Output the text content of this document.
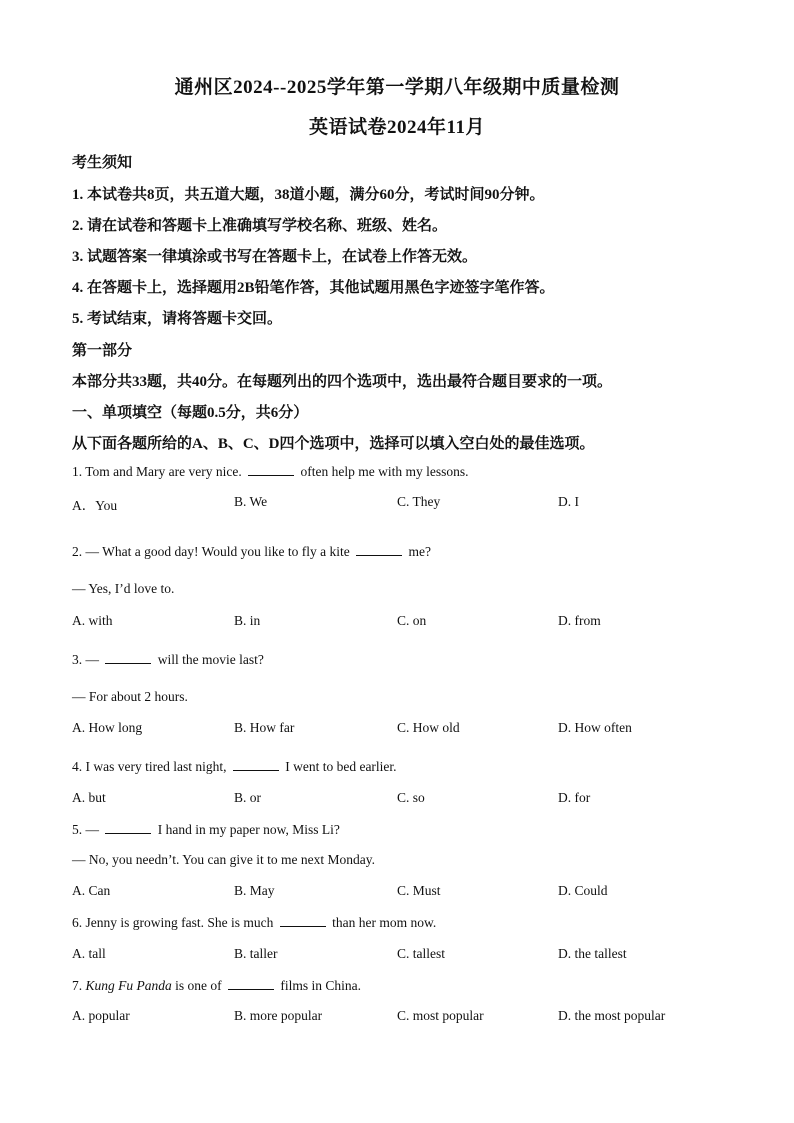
通州区2024--2025学年第一学期八年级期中质量检测
英语试卷2024年11月
考生须知
1. 本试卷共8页，共五道大题，38道小题，满分60分，考试时间90分钟。
2. 请在试卷和答题卡上准确填写学校名称、班级、姓名。
3. 试题答案一律填涂或书写在答题卡上，在试卷上作答无效。
4. 在答题卡上，选择题用2B铅笔作答，其他试题用黑色字迹签字笔作答。
5. 考试结束，请将答题卡交回。
第一部分
本部分共33题，共40分。在每题列出的四个选项中，选出最符合题目要求的一项。
一、单项填空（每题0.5分，共6分）
从下面各题所给的A、B、C、D四个选项中，选择可以填入空白处的最佳选项。
1. Tom and Mary are very nice.	often help me with my lessons.
A．You	B. We	C. They	D. I
2. — What a good day! Would you like to fly a kite	me?
— Yes, I’d love to.
A. with	B. in	C. on	D. from
3. —	will the movie last?
— For about 2 hours.
A. How long	B. How far	C. How old	D. How often
4. I was very tired last night,	I went to bed earlier.
A. but	B. or	C. so	D. for
5. —	I hand in my paper now, Miss Li?
— No, you needn’t. You can give it to me next Monday.
A. Can	B. May	C. Must	D. Could
6. Jenny is growing fast. She is much	than her mom now.
A. tall	B. taller	C. tallest	D. the tallest
7. Kung Fu Panda is one of	films in China.
A. popular	B. more popular	C. most popular	D. the most popular
